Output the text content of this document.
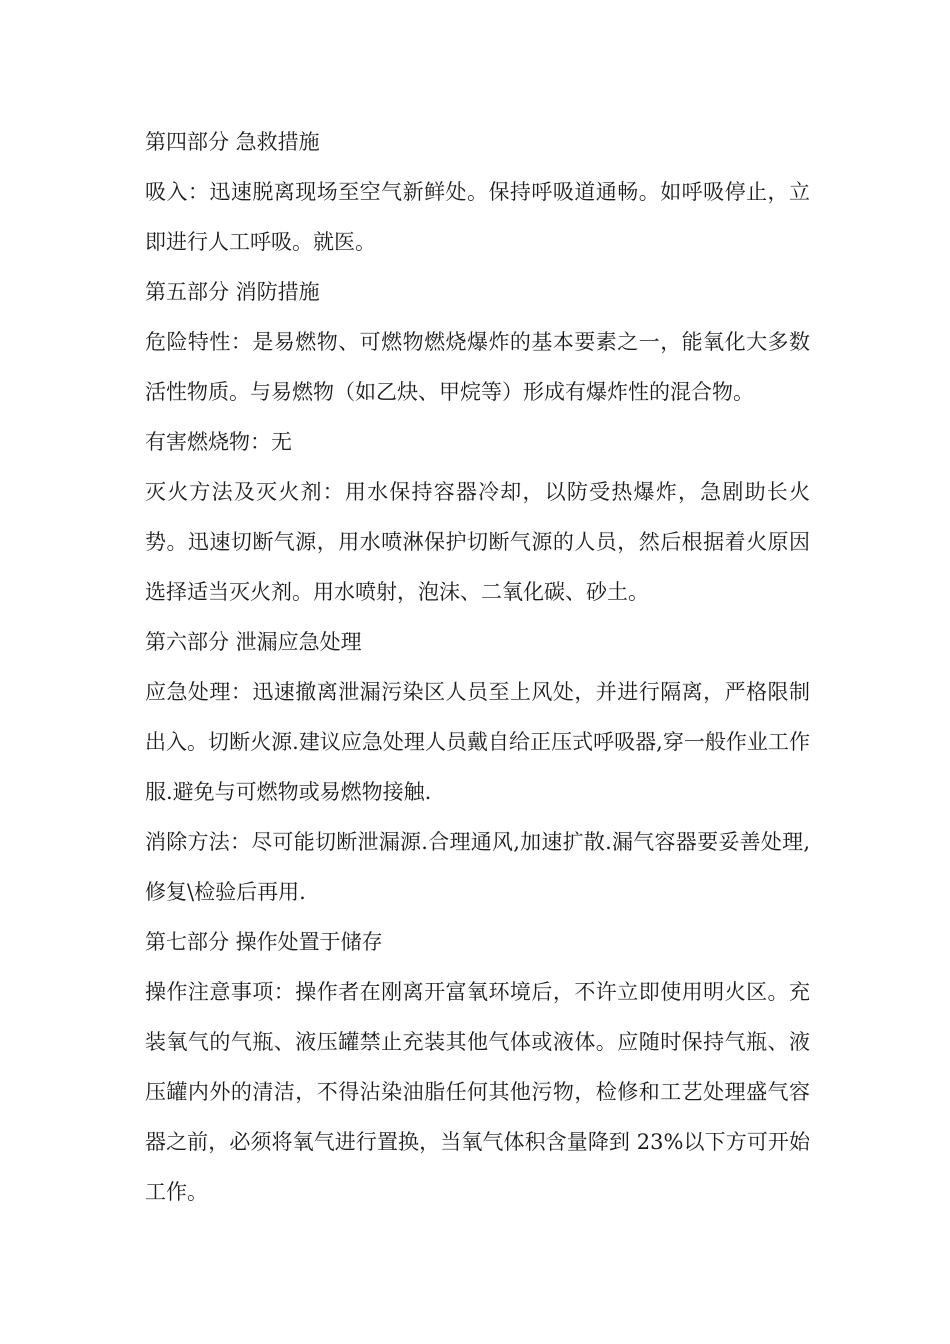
第四部分 急救措施

吸入：迅速脱离现场至空气新鲜处。保持呼吸道通畅。如呼吸停止，立即进行人工呼吸。就医。

第五部分 消防措施

危险特性：是易燃物、可燃物燃烧爆炸的基本要素之一，能氧化大多数活性物质。与易燃物（如乙炔、甲烷等）形成有爆炸性的混合物。

有害燃烧物：无

灭火方法及灭火剂：用水保持容器冷却，以防受热爆炸，急剧助长火势。迅速切断气源，用水喷淋保护切断气源的人员，然后根据着火原因选择适当灭火剂。用水喷射，泡沫、二氧化碳、砂土。

第六部分 泄漏应急处理

应急处理：迅速撤离泄漏污染区人员至上风处，并进行隔离，严格限制出入。切断火源.建议应急处理人员戴自给正压式呼吸器,穿一般作业工作服.避免与可燃物或易燃物接触.

消除方法：尽可能切断泄漏源.合理通风,加速扩散.漏气容器要妥善处理,修复\检验后再用.

第七部分 操作处置于储存

操作注意事项：操作者在刚离开富氧环境后，不许立即使用明火区。充装氧气的气瓶、液压罐禁止充装其他气体或液体。应随时保持气瓶、液压罐内外的清洁，不得沾染油脂任何其他污物，检修和工艺处理盛气容器之前，必须将氧气进行置换，当氧气体积含量降到 23%以下方可开始工作。
